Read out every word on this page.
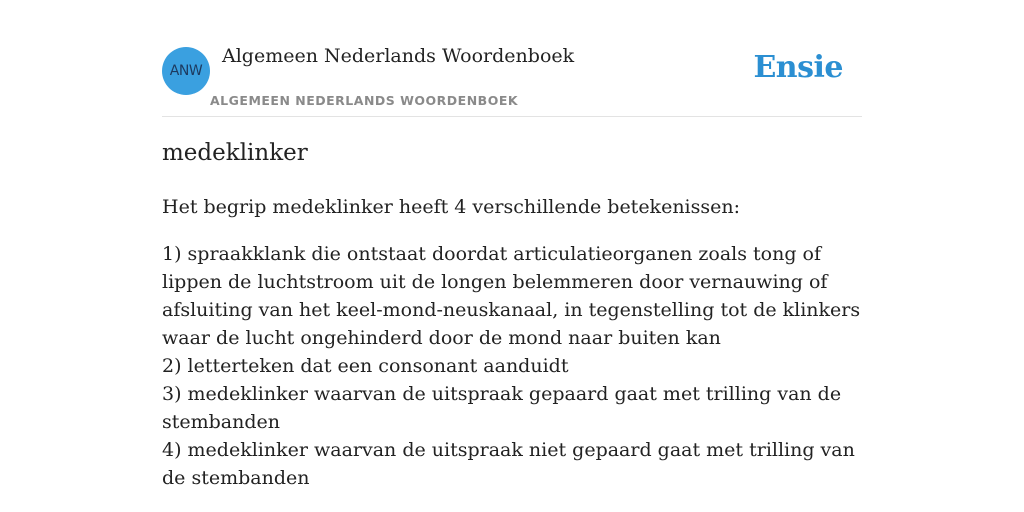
ANW
Algemeen Nederlands Woordenboek
ALGEMEEN NEDERLANDS WOORDENBOEK
Ensie
medeklinker
Het begrip medeklinker heeft 4 verschillende betekenissen:
1) spraakklank die ontstaat doordat articulatieorganen zoals tong of lippen de luchtstroom uit de longen belemmeren door vernauwing of afsluiting van het keel-mond-neuskanaal, in tegenstelling tot de klinkers waar de lucht ongehinderd door de mond naar buiten kan
2) letterteken dat een consonant aanduidt
3) medeklinker waarvan de uitspraak gepaard gaat met trilling van de stembanden
4) medeklinker waarvan de uitspraak niet gepaard gaat met trilling van de stembanden
